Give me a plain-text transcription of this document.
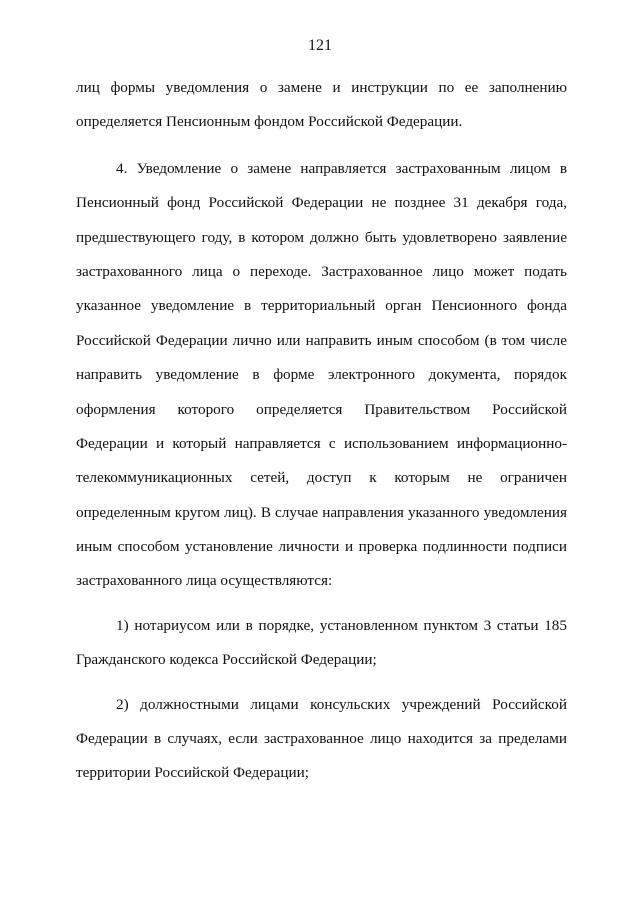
121
лиц формы уведомления о замене и инструкции по ее заполнению
определяется Пенсионным фондом Российской Федерации.
4. Уведомление о замене направляется застрахованным лицом в
Пенсионный фонд Российской Федерации не позднее 31 декабря года,
предшествующего году, в котором должно быть удовлетворено заявление
застрахованного лица о переходе. Застрахованное лицо может подать
указанное уведомление в территориальный орган Пенсионного фонда
Российской Федерации лично или направить иным способом (в том числе
направить уведомление в форме электронного документа, порядок
оформления которого определяется Правительством Российской
Федерации и который направляется с использованием информационно-
телекоммуникационных сетей, доступ к которым не ограничен
определенным кругом лиц). В случае направления указанного уведомления
иным способом установление личности и проверка подлинности подписи
застрахованного лица осуществляются:
1) нотариусом или в порядке, установленном пунктом 3 статьи 185
Гражданского кодекса Российской Федерации;
2) должностными лицами консульских учреждений Российской
Федерации в случаях, если застрахованное лицо находится за пределами
территории Российской Федерации;
